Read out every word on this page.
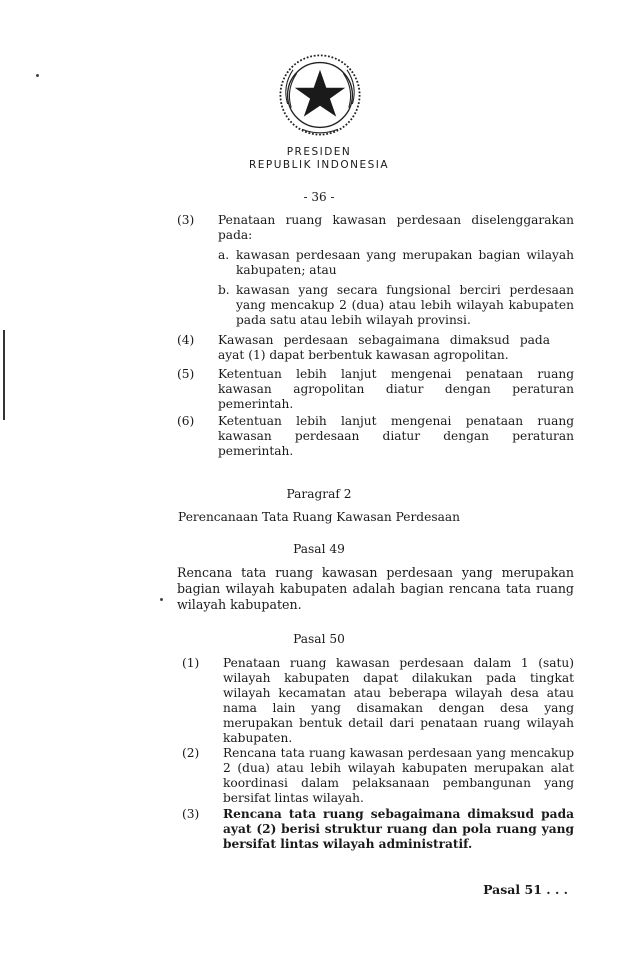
PRESIDEN
REPUBLIK INDONESIA
- 36 -
(3) Penataan ruang kawasan perdesaan diselenggarakan pada:
a. kawasan perdesaan yang merupakan bagian wilayah kabupaten; atau
b. kawasan yang secara fungsional berciri perdesaan yang mencakup 2 (dua) atau lebih wilayah kabupaten pada satu atau lebih wilayah provinsi.
(4) Kawasan perdesaan sebagaimana dimaksud pada ayat (1) dapat berbentuk kawasan agropolitan.
(5) Ketentuan lebih lanjut mengenai penataan ruang kawasan agropolitan diatur dengan peraturan pemerintah.
(6) Ketentuan lebih lanjut mengenai penataan ruang kawasan perdesaan diatur dengan peraturan pemerintah.
Paragraf 2
Perencanaan Tata Ruang Kawasan Perdesaan
Pasal 49
Rencana tata ruang kawasan perdesaan yang merupakan bagian wilayah kabupaten adalah bagian rencana tata ruang wilayah kabupaten.
Pasal 50
(1) Penataan ruang kawasan perdesaan dalam 1 (satu) wilayah kabupaten dapat dilakukan pada tingkat wilayah kecamatan atau beberapa wilayah desa atau nama lain yang disamakan dengan desa yang merupakan bentuk detail dari penataan ruang wilayah kabupaten.
(2) Rencana tata ruang kawasan perdesaan yang mencakup 2 (dua) atau lebih wilayah kabupaten merupakan alat koordinasi dalam pelaksanaan pembangunan yang bersifat lintas wilayah.
(3) Rencana tata ruang sebagaimana dimaksud pada ayat (2) berisi struktur ruang dan pola ruang yang bersifat lintas wilayah administratif.
Pasal 51 . . .
